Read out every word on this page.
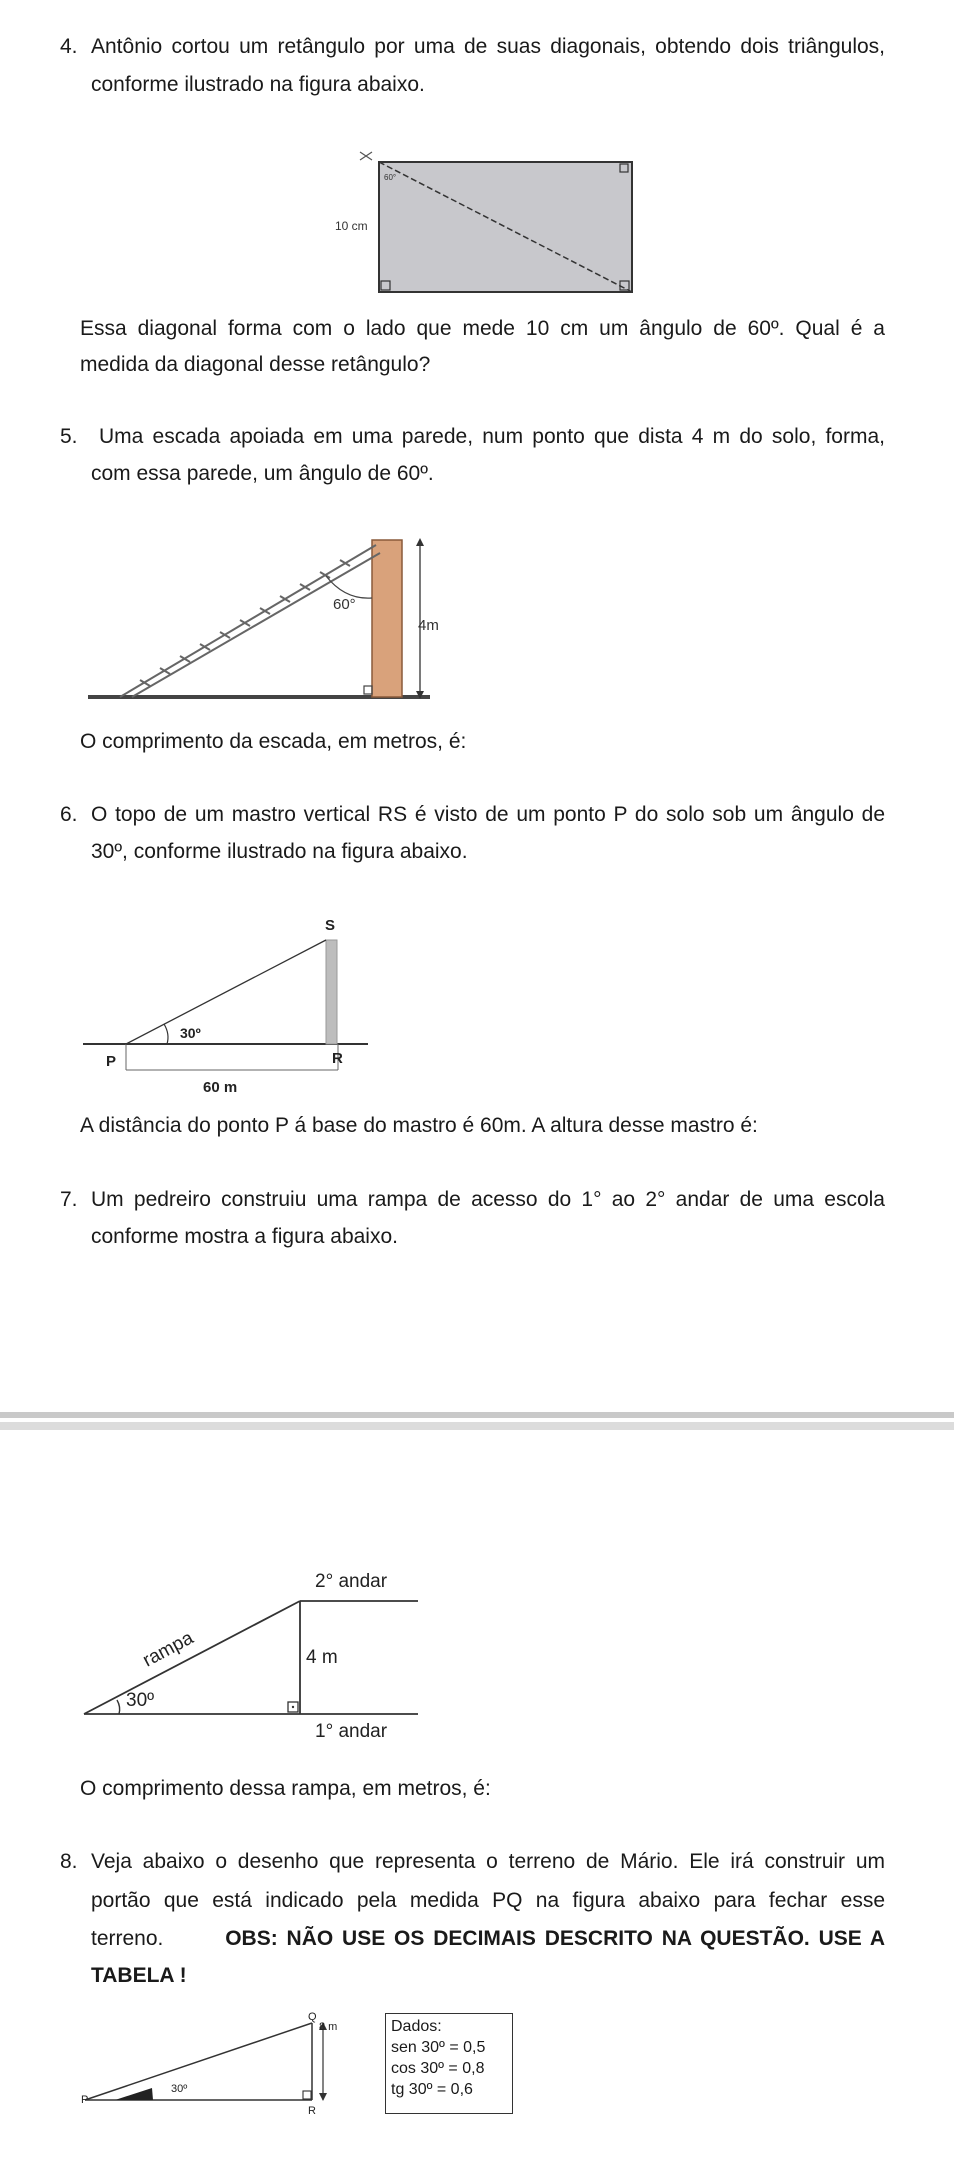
4. Antônio cortou um retângulo por uma de suas diagonais, obtendo dois triângulos,
conforme ilustrado na figura abaixo.
60°
10 cm
Essa diagonal forma com o lado que mede 10 cm um ângulo de 60º. Qual é a
medida da diagonal desse retângulo?
5. Uma escada apoiada em uma parede, num ponto que dista 4 m do solo, forma,
com essa parede, um ângulo de 60º.
60°
4m
O comprimento da escada, em metros, é:
6. O topo de um mastro vertical RS é visto de um ponto P do solo sob um ângulo de
30º, conforme ilustrado na figura abaixo.
S
P	R
30º
60 m
A distância do ponto P á base do mastro é 60m. A altura desse mastro é:
7. Um pedreiro construiu uma rampa de acesso do 1° ao 2° andar de uma escola
conforme mostra a figura abaixo.
2° andar
1° andar
4 m
30º
rampa
O comprimento dessa rampa, em metros, é:
8. Veja abaixo o desenho que representa o terreno de Mário. Ele irá construir um
portão que está indicado pela medida PQ na figura abaixo para fechar esse
terreno.	OBS: NÃO USE OS DECIMAIS DESCRITO NA QUESTÃO. USE A
TABELA !
P
Q
R
30º
8 m	Dados:
sen 30º = 0,5
cos 30º = 0,8
tg 30º = 0,6
